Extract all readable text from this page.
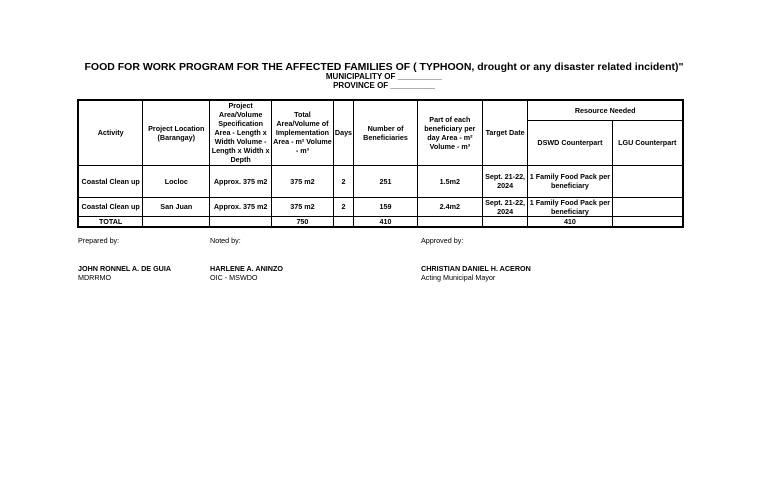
FOOD FOR WORK PROGRAM FOR THE AFFECTED FAMILIES OF ( TYPHOON, drought or any disaster related incident)"
MUNICIPALITY OF __________
PROVINCE OF __________
Activity	Project Location (Barangay)	Project Area/Volume Specification Area - Length x Width Volume - Length x Width x Depth	Total Area/Volume of Implementation Area - m² Volume - m³	Days	Number of Beneficiaries	Part of each beneficiary per day Area - m² Volume - m³	Target Date	Resource Needed	
								DSWD Counterpart	LGU Counterpart
Coastal Clean up	Locloc	Approx. 375 m2	375 m2	2	251	1.5m2	Sept. 21-22, 2024	1 Family Food Pack per beneficiary	
Coastal Clean up	San Juan	Approx. 375 m2	375 m2	2	159	2.4m2	Sept. 21-22, 2024	1 Family Food Pack per beneficiary	
TOTAL			750		410			410	
Prepared by:	Noted by:	Approved by:
JOHN RONNEL A. DE GUIA
MDRRMO
HARLENE A. ANINZO
OIC - MSWDO
CHRISTIAN DANIEL H. ACERON
Acting Municipal Mayor
